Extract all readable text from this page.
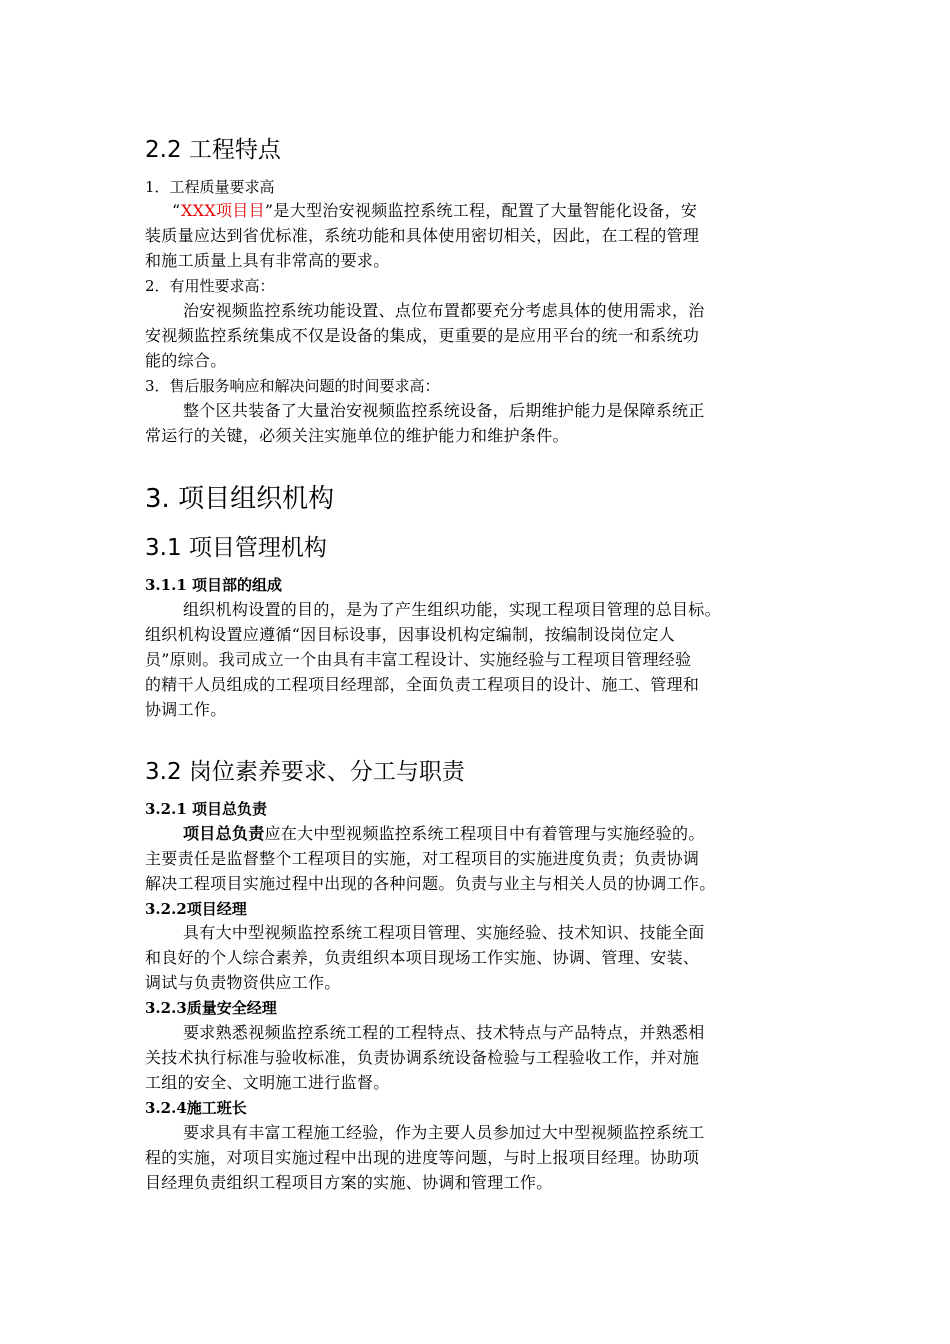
2.2 工程特点
1．工程质量要求高
“XXX项目目”是大型治安视频监控系统工程，配置了大量智能化设备，安
装质量应达到省优标准，系统功能和具体使用密切相关，因此，在工程的管理
和施工质量上具有非常高的要求。
2．有用性要求高：
治安视频监控系统功能设置、点位布置都要充分考虑具体的使用需求，治
安视频监控系统集成不仅是设备的集成，更重要的是应用平台的统一和系统功
能的综合。
3．售后服务响应和解决问题的时间要求高：
整个区共装备了大量治安视频监控系统设备，后期维护能力是保障系统正
常运行的关键，必须关注实施单位的维护能力和维护条件。
3. 项目组织机构
3.1 项目管理机构
3.1.1 项目部的组成
组织机构设置的目的，是为了产生组织功能，实现工程项目管理的总目标。
组织机构设置应遵循“因目标设事，因事设机构定编制，按编制设岗位定人
员”原则。我司成立一个由具有丰富工程设计、实施经验与工程项目管理经验
的精干人员组成的工程项目经理部，全面负责工程项目的设计、施工、管理和
协调工作。
3.2 岗位素养要求、分工与职责
3.2.1 项目总负责
项目总负责应在大中型视频监控系统工程项目中有着管理与实施经验的。
主要责任是监督整个工程项目的实施，对工程项目的实施进度负责；负责协调
解决工程项目实施过程中出现的各种问题。负责与业主与相关人员的协调工作。
3.2.2项目经理
具有大中型视频监控系统工程项目管理、实施经验、技术知识、技能全面
和良好的个人综合素养，负责组织本项目现场工作实施、协调、管理、安装、
调试与负责物资供应工作。
3.2.3质量安全经理
要求熟悉视频监控系统工程的工程特点、技术特点与产品特点，并熟悉相
关技术执行标准与验收标准，负责协调系统设备检验与工程验收工作，并对施
工组的安全、文明施工进行监督。
3.2.4施工班长
要求具有丰富工程施工经验，作为主要人员参加过大中型视频监控系统工
程的实施，对项目实施过程中出现的进度等问题，与时上报项目经理。协助项
目经理负责组织工程项目方案的实施、协调和管理工作。
